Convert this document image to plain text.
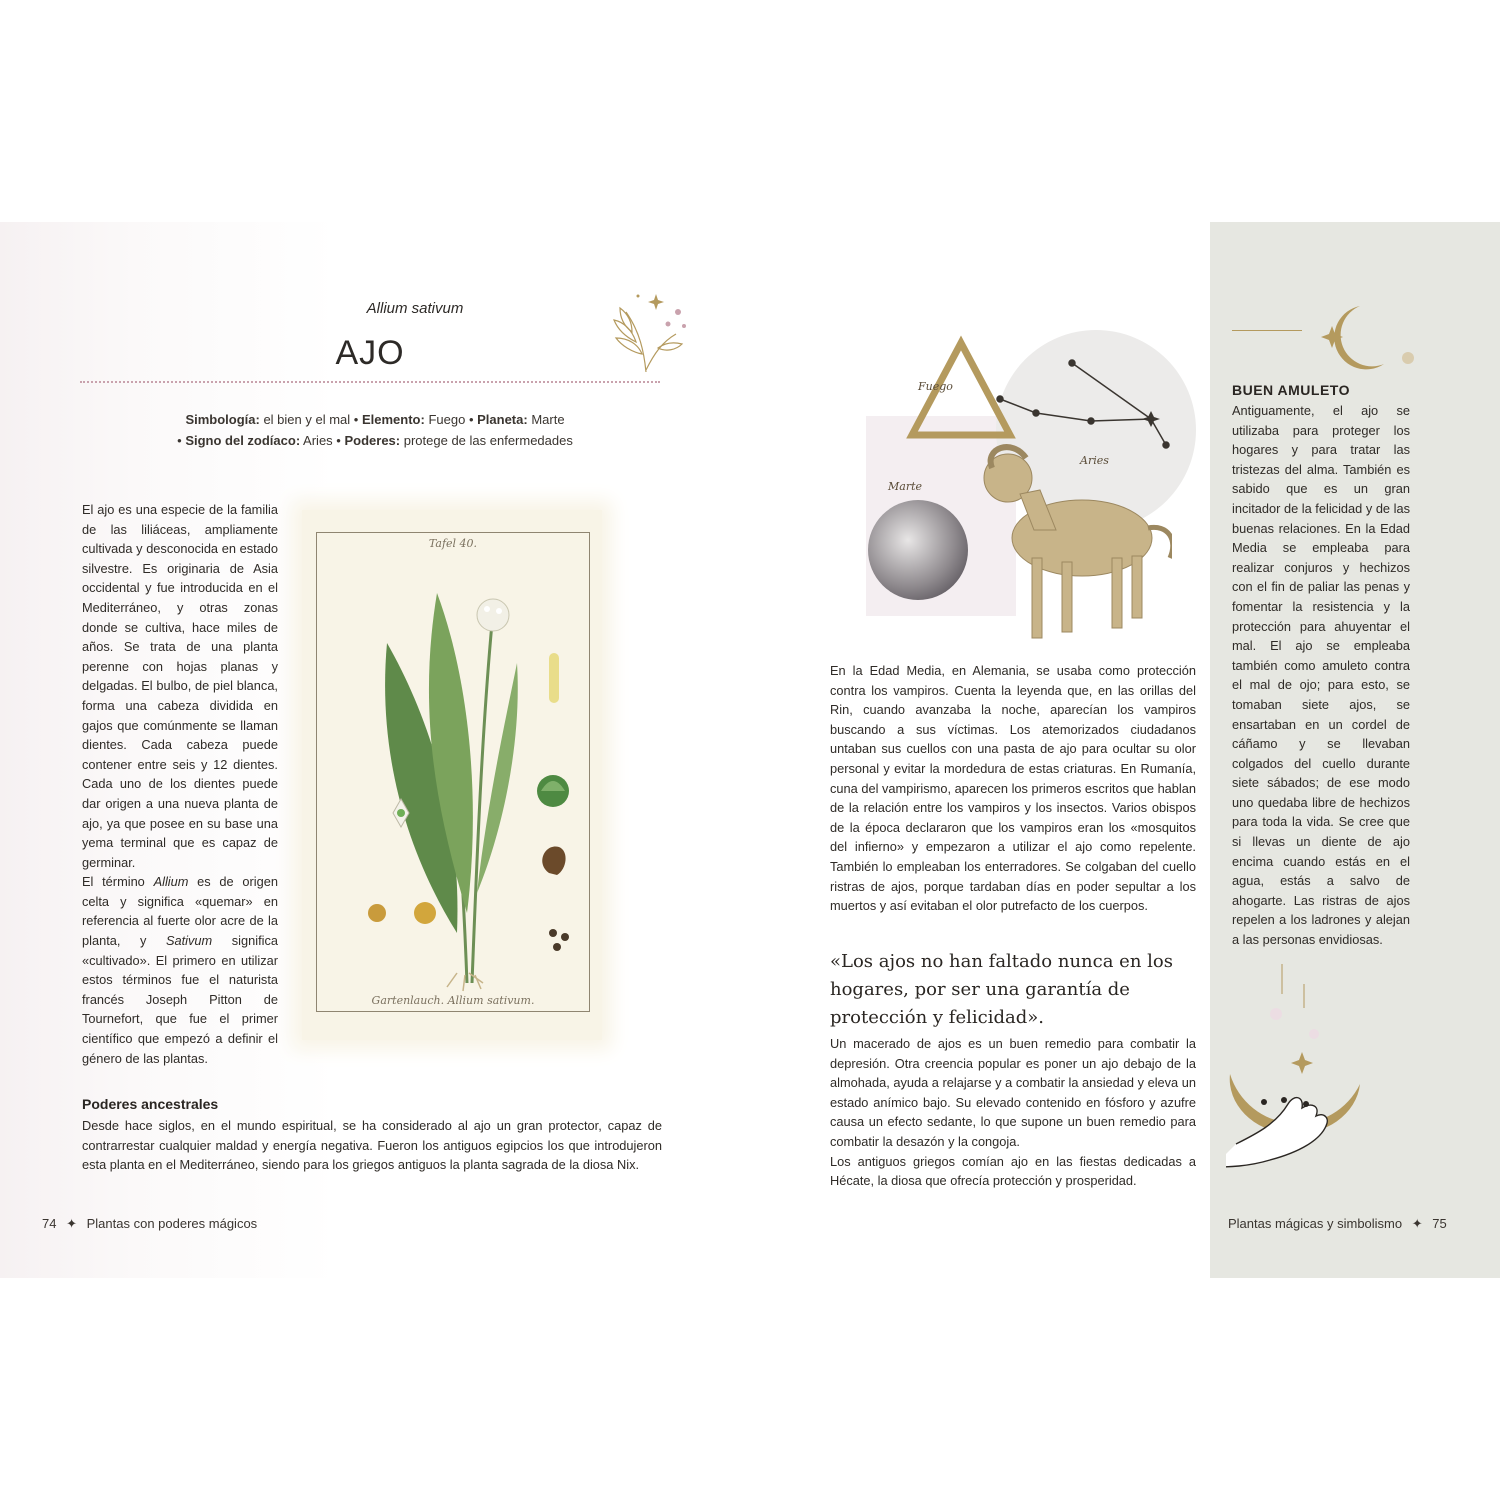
Allium sativum
AJO
Simbología: el bien y el mal • Elemento: Fuego • Planeta: Marte
• Signo del zodíaco: Aries • Poderes: protege de las enfermedades

El ajo es una especie de la familia de las liliáceas, ampliamente cultivada y desconocida en estado silvestre. Es originaria de Asia occidental y fue introducida en el Mediterráneo, y otras zonas donde se cultiva, hace miles de años. Se trata de una planta perenne con hojas planas y delgadas. El bulbo, de piel blanca, forma una cabeza dividida en gajos que comúnmente se llaman dientes. Cada cabeza puede contener entre seis y 12 dientes. Cada uno de los dientes puede dar origen a una nueva planta de ajo, ya que posee en su base una yema terminal que es capaz de germinar.

El término Allium es de origen celta y significa «quemar» en referencia al fuerte olor acre de la planta, y Sativum significa «cultivado». El primero en utilizar estos términos fue el naturista francés Joseph Pitton de Tournefort, que fue el primer científico que empezó a definir el género de las plantas.

Tafel 40.
Gartenlauch. Allium sativum.
Poderes ancestrales
Desde hace siglos, en el mundo espiritual, se ha considerado al ajo un gran protector, capaz de contrarrestar cualquier maldad y energía negativa. Fueron los antiguos egipcios los que introdujeron esta planta en el Mediterráneo, siendo para los griegos antiguos la planta sagrada de la diosa Nix.
74 ✦ Plantas con poderes mágicos
Fuego
Aries
Marte

En la Edad Media, en Alemania, se usaba como protección contra los vampiros. Cuenta la leyenda que, en las orillas del Rin, cuando avanzaba la noche, aparecían los vampiros buscando a sus víctimas. Los atemorizados ciudadanos untaban sus cuellos con una pasta de ajo para ocultar su olor personal y evitar la mordedura de estas criaturas. En Rumanía, cuna del vampirismo, aparecen los primeros escritos que hablan de la relación entre los vampiros y los insectos. Varios obispos de la época declararon que los vampiros eran los «mosquitos del infierno» y empezaron a utilizar el ajo como repelente. También lo empleaban los enterradores. Se colgaban del cuello ristras de ajos, porque tardaban días en poder sepultar a los muertos y así evitaban el olor putrefacto de los cuerpos.

«Los ajos no han faltado nunca en los hogares, por ser una garantía de protección y felicidad».

Un macerado de ajos es un buen remedio para combatir la depresión. Otra creencia popular es poner un ajo debajo de la almohada, ayuda a relajarse y a combatir la ansiedad y eleva un estado anímico bajo. Su elevado contenido en fósforo y azufre causa un efecto sedante, lo que supone un buen remedio para combatir la desazón y la congoja.

Los antiguos griegos comían ajo en las fiestas dedicadas a Hécate, la diosa que ofrecía protección y prosperidad.

BUEN AMULETO
Antiguamente, el ajo se utilizaba para proteger los hogares y para tratar las tristezas del alma. También es sabido que es un gran incitador de la felicidad y de las buenas relaciones. En la Edad Media se empleaba para realizar conjuros y hechizos con el fin de paliar las penas y fomentar la resistencia y la protección para ahuyentar el mal. El ajo se empleaba también como amuleto contra el mal de ojo; para esto, se tomaban siete ajos, se ensartaban en un cordel de cáñamo y se llevaban colgados del cuello durante siete sábados; de ese modo uno quedaba libre de hechizos para toda la vida. Se cree que si llevas un diente de ajo encima cuando estás en el agua, estás a salvo de ahogarte. Las ristras de ajos repelen a los ladrones y alejan a las personas envidiosas.
Plantas mágicas y simbolismo ✦ 75
